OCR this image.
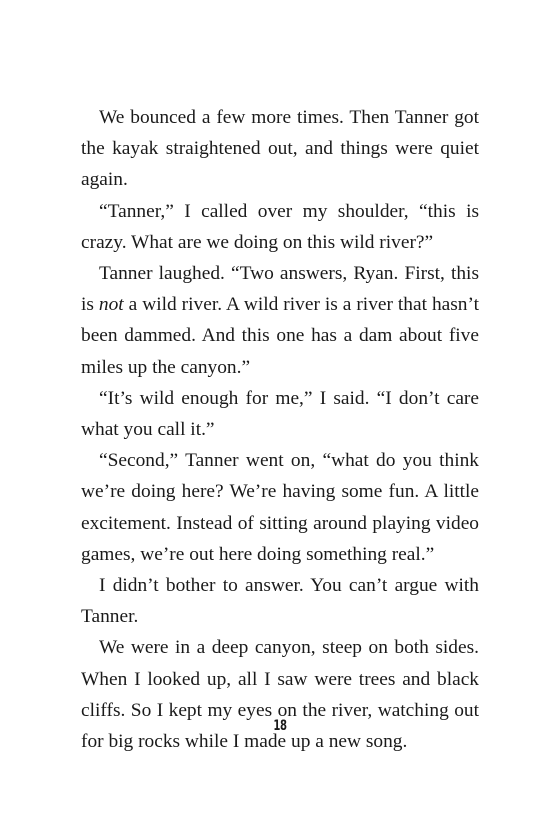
We bounced a few more times. Then Tanner got the kayak straightened out, and things were quiet again.

“Tanner,” I called over my shoulder, “this is crazy. What are we doing on this wild river?”

Tanner laughed. “Two answers, Ryan. First, this is not a wild river. A wild river is a river that hasn’t been dammed. And this one has a dam about five miles up the canyon.”

“It’s wild enough for me,” I said. “I don’t care what you call it.”

“Second,” Tanner went on, “what do you think we’re doing here? We’re having some fun. A little excitement. Instead of sitting around playing video games, we’re out here doing something real.”

I didn’t bother to answer. You can’t argue with Tanner.

We were in a deep canyon, steep on both sides. When I looked up, all I saw were trees and black cliffs. So I kept my eyes on the river, watching out for big rocks while I made up a new song.

18
